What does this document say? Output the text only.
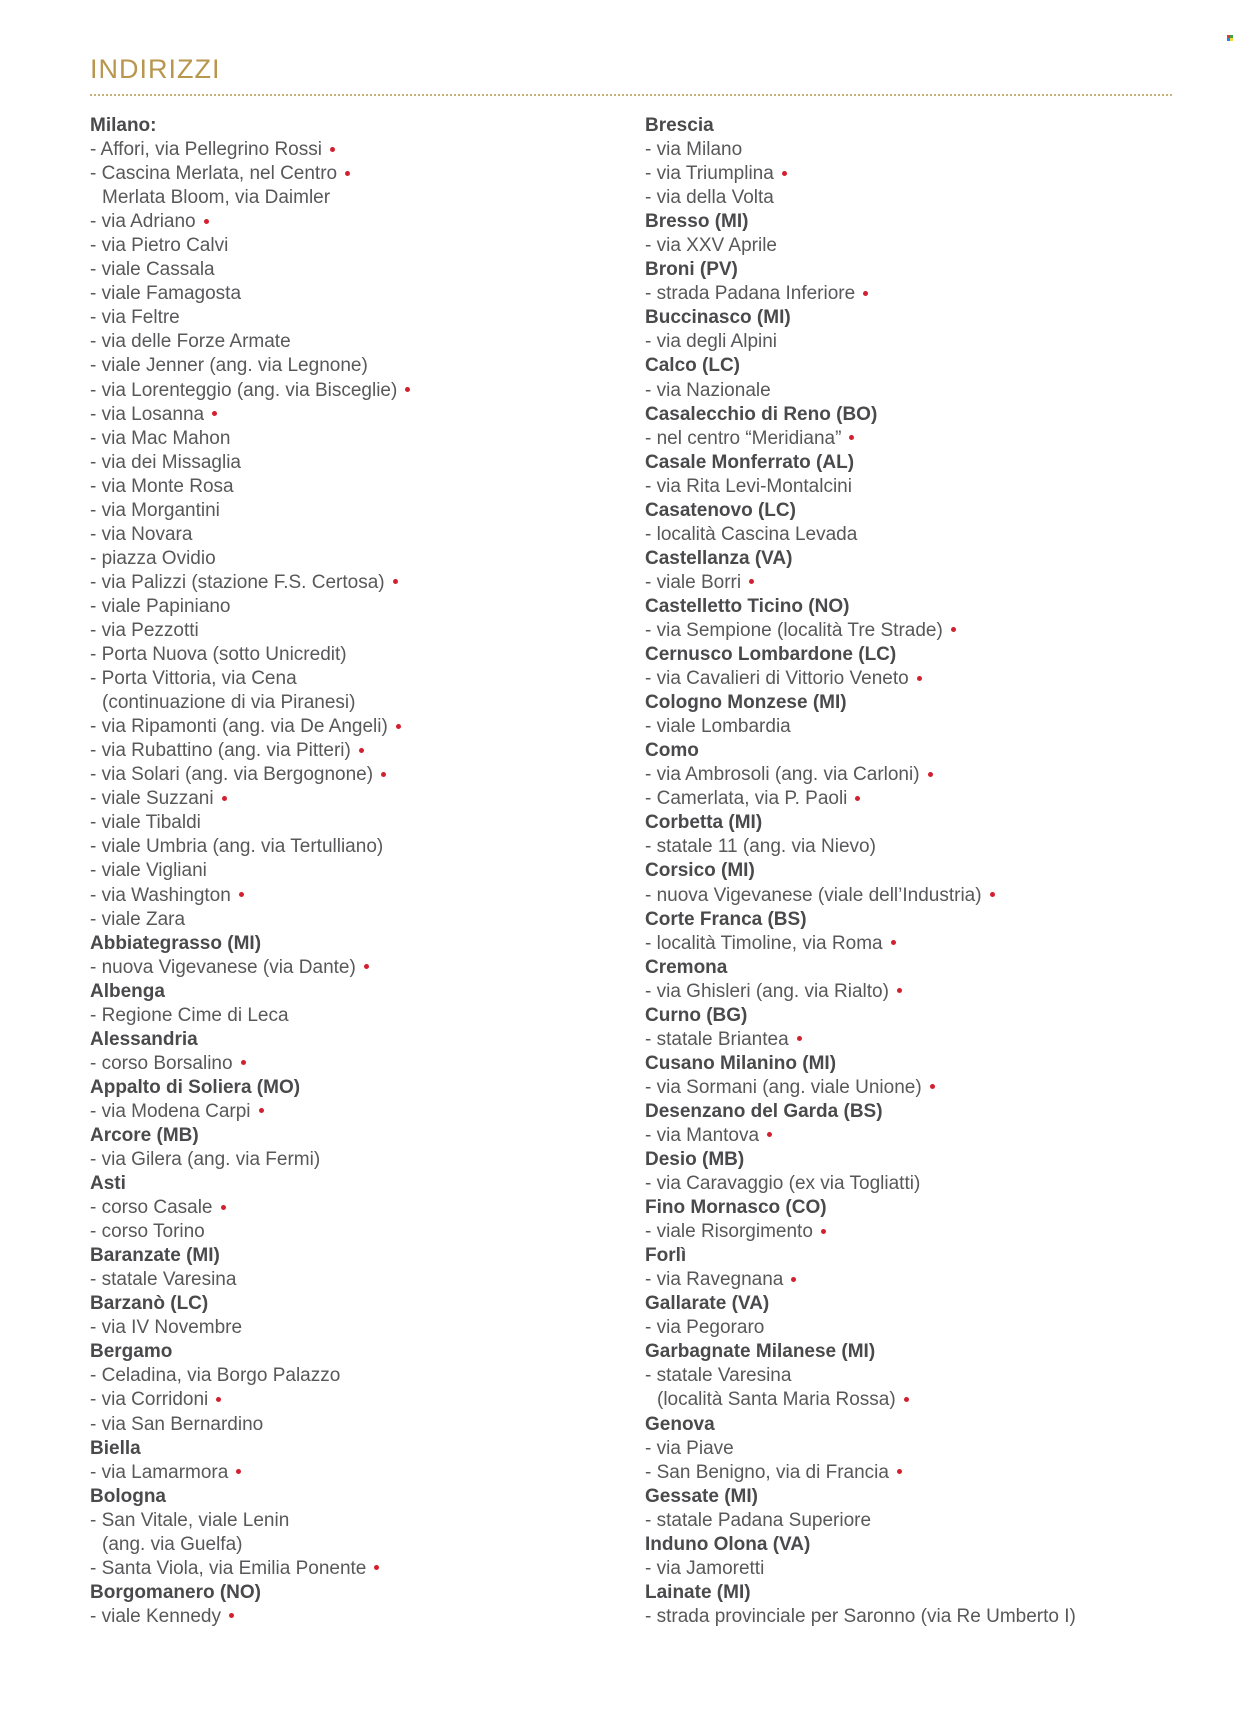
INDIRIZZI
Milano:
- Affori, via Pellegrino Rossi
- Cascina Merlata, nel Centro
Merlata Bloom, via Daimler
- via Adriano
- via Pietro Calvi
- viale Cassala
- viale Famagosta
- via Feltre
- via delle Forze Armate
- viale Jenner (ang. via Legnone)
- via Lorenteggio (ang. via Bisceglie)
- via Losanna
- via Mac Mahon
- via dei Missaglia
- via Monte Rosa
- via Morgantini
- via Novara
- piazza Ovidio
- via Palizzi (stazione F.S. Certosa)
- viale Papiniano
- via Pezzotti
- Porta Nuova (sotto Unicredit)
- Porta Vittoria, via Cena
(continuazione di via Piranesi)
- via Ripamonti (ang. via De Angeli)
- via Rubattino (ang. via Pitteri)
- via Solari (ang. via Bergognone)
- viale Suzzani
- viale Tibaldi
- viale Umbria (ang. via Tertulliano)
- viale Vigliani
- via Washington
- viale Zara
Abbiategrasso (MI)
- nuova Vigevanese (via Dante)
Albenga
- Regione Cime di Leca
Alessandria
- corso Borsalino
Appalto di Soliera (MO)
- via Modena Carpi
Arcore (MB)
- via Gilera (ang. via Fermi)
Asti
- corso Casale
- corso Torino
Baranzate (MI)
- statale Varesina
Barzanò (LC)
- via IV Novembre
Bergamo
- Celadina, via Borgo Palazzo
- via Corridoni
- via San Bernardino
Biella
- via Lamarmora
Bologna
- San Vitale, viale Lenin
(ang. via Guelfa)
- Santa Viola, via Emilia Ponente
Borgomanero (NO)
- viale Kennedy
Brescia
- via Milano
- via Triumplina
- via della Volta
Bresso (MI)
- via XXV Aprile
Broni (PV)
- strada Padana Inferiore
Buccinasco (MI)
- via degli Alpini
Calco (LC)
- via Nazionale
Casalecchio di Reno (BO)
- nel centro “Meridiana”
Casale Monferrato (AL)
- via Rita Levi-Montalcini
Casatenovo (LC)
- località Cascina Levada
Castellanza (VA)
- viale Borri
Castelletto Ticino (NO)
- via Sempione (località Tre Strade)
Cernusco Lombardone (LC)
- via Cavalieri di Vittorio Veneto
Cologno Monzese (MI)
- viale Lombardia
Como
- via Ambrosoli (ang. via Carloni)
- Camerlata, via P. Paoli
Corbetta (MI)
- statale 11 (ang. via Nievo)
Corsico (MI)
- nuova Vigevanese (viale dell’Industria)
Corte Franca (BS)
- località Timoline, via Roma
Cremona
- via Ghisleri (ang. via Rialto)
Curno (BG)
- statale Briantea
Cusano Milanino (MI)
- via Sormani (ang. viale Unione)
Desenzano del Garda (BS)
- via Mantova
Desio (MB)
- via Caravaggio (ex via Togliatti)
Fino Mornasco (CO)
- viale Risorgimento
Forlì
- via Ravegnana
Gallarate (VA)
- via Pegoraro
Garbagnate Milanese (MI)
- statale Varesina
(località Santa Maria Rossa)
Genova
- via Piave
- San Benigno, via di Francia
Gessate (MI)
- statale Padana Superiore
Induno Olona (VA)
- via Jamoretti
Lainate (MI)
- strada provinciale per Saronno (via Re Umberto I)
